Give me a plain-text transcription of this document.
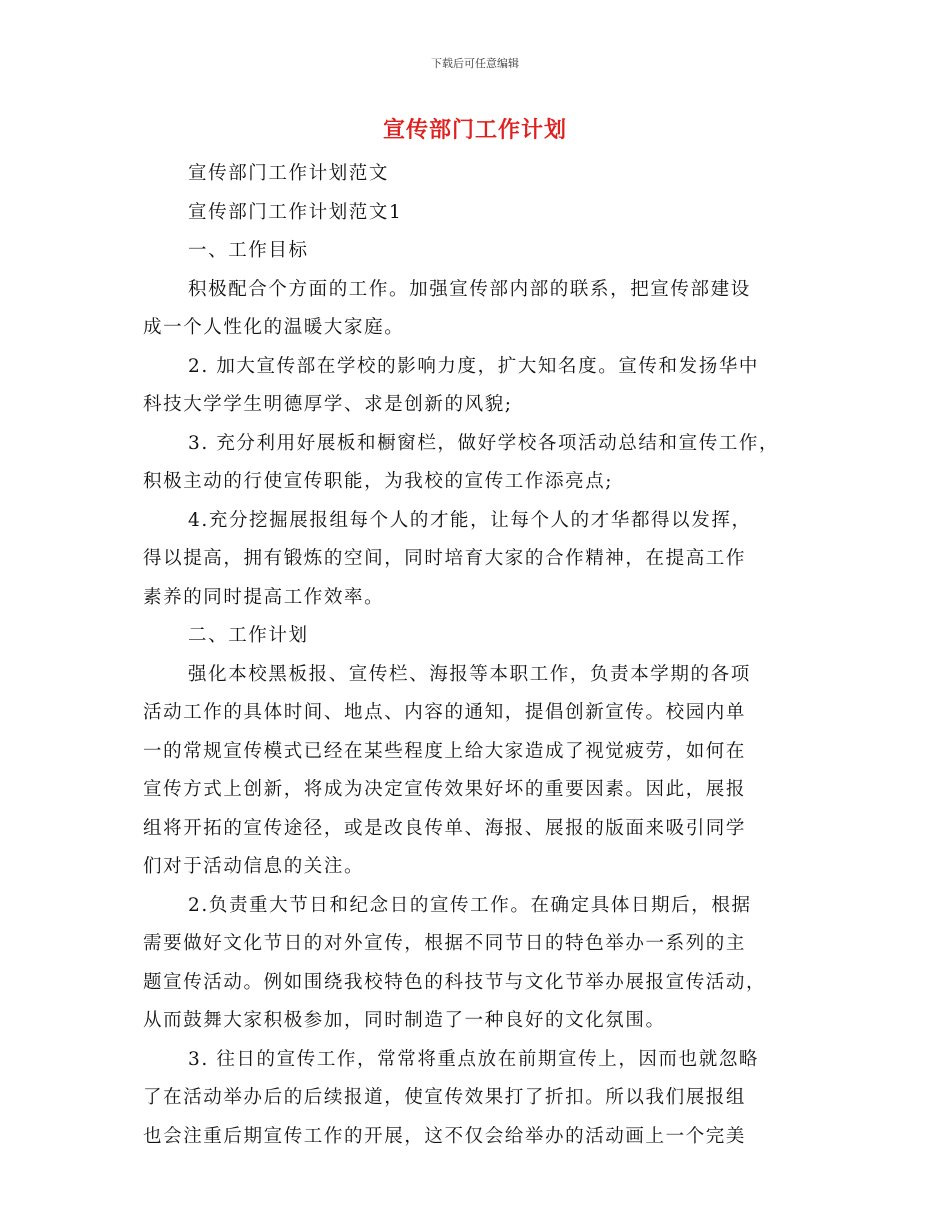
下载后可任意编辑
宣传部门工作计划

宣传部门工作计划范文

宣传部门工作计划范文1

一、工作目标

积极配合个方面的工作。加强宣传部内部的联系，把宣传部建设
成一个人性化的温暖大家庭。

2. 加大宣传部在学校的影响力度，扩大知名度。宣传和发扬华中
科技大学学生明德厚学、求是创新的风貌;

3. 充分利用好展板和橱窗栏，做好学校各项活动总结和宣传工作，
积极主动的行使宣传职能，为我校的宣传工作添亮点;

4.充分挖掘展报组每个人的才能，让每个人的才华都得以发挥，
得以提高，拥有锻炼的空间，同时培育大家的合作精神，在提高工作
素养的同时提高工作效率。

二、工作计划

强化本校黑板报、宣传栏、海报等本职工作，负责本学期的各项
活动工作的具体时间、地点、内容的通知，提倡创新宣传。校园内单
一的常规宣传模式已经在某些程度上给大家造成了视觉疲劳，如何在
宣传方式上创新，将成为决定宣传效果好坏的重要因素。因此，展报
组将开拓的宣传途径，或是改良传单、海报、展报的版面来吸引同学
们对于活动信息的关注。

2.负责重大节日和纪念日的宣传工作。在确定具体日期后，根据
需要做好文化节日的对外宣传，根据不同节日的特色举办一系列的主
题宣传活动。例如围绕我校特色的科技节与文化节举办展报宣传活动，
从而鼓舞大家积极参加，同时制造了一种良好的文化氛围。

3. 往日的宣传工作，常常将重点放在前期宣传上，因而也就忽略
了在活动举办后的后续报道，使宣传效果打了折扣。所以我们展报组
也会注重后期宣传工作的开展，这不仅会给举办的活动画上一个完美
